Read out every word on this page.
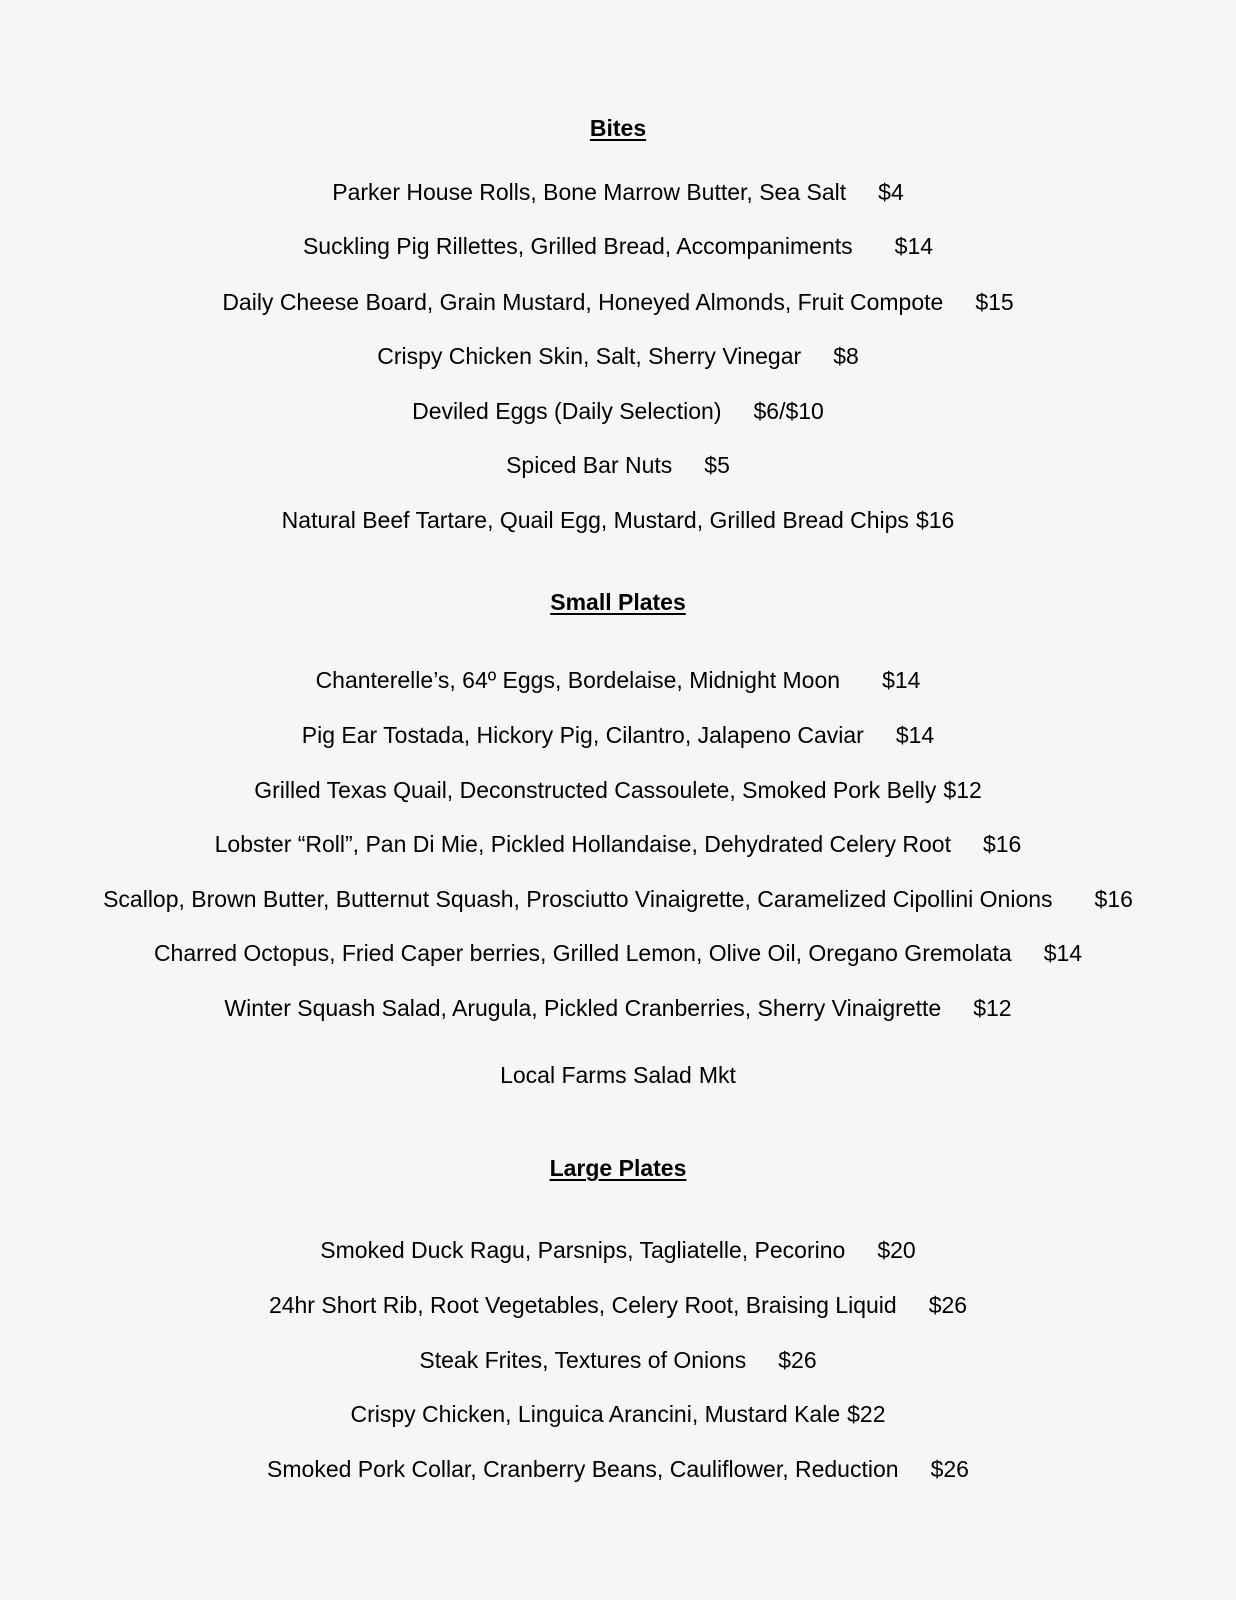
Bites
Parker House Rolls, Bone Marrow Butter, Sea Salt $4
Suckling Pig Rillettes, Grilled Bread, Accompaniments $14
Daily Cheese Board, Grain Mustard, Honeyed Almonds, Fruit Compote $15
Crispy Chicken Skin, Salt, Sherry Vinegar $8
Deviled Eggs (Daily Selection) $6/$10
Spiced Bar Nuts $5
Natural Beef Tartare, Quail Egg, Mustard, Grilled Bread Chips $16
Small Plates
Chanterelle’s, 64º Eggs, Bordelaise, Midnight Moon $14
Pig Ear Tostada, Hickory Pig, Cilantro, Jalapeno Caviar $14
Grilled Texas Quail, Deconstructed Cassoulete, Smoked Pork Belly $12
Lobster “Roll”, Pan Di Mie, Pickled Hollandaise, Dehydrated Celery Root $16
Scallop, Brown Butter, Butternut Squash, Prosciutto Vinaigrette, Caramelized Cipollini Onions $16
Charred Octopus, Fried Caper berries, Grilled Lemon, Olive Oil, Oregano Gremolata $14
Winter Squash Salad, Arugula, Pickled Cranberries, Sherry Vinaigrette $12
Local Farms Salad Mkt
Large Plates
Smoked Duck Ragu, Parsnips, Tagliatelle, Pecorino $20
24hr Short Rib, Root Vegetables, Celery Root, Braising Liquid $26
Steak Frites, Textures of Onions $26
Crispy Chicken, Linguica Arancini, Mustard Kale $22
Smoked Pork Collar, Cranberry Beans, Cauliflower, Reduction $26
